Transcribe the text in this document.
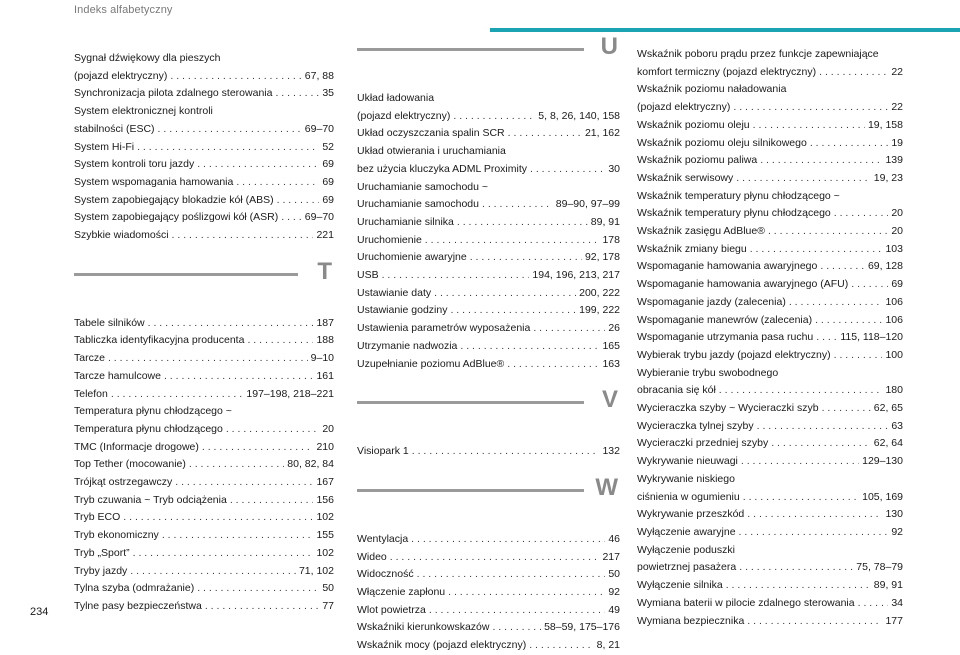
Indeks alfabetyczny
Sygnał dźwiękowy dla pieszych
(pojazd elektryczny) . . .	67, 88
Synchronizacja pilota zdalnego sterowania . . .	35
System elektronicznej kontroli
stabilności (ESC) . . .	69–70
System Hi-Fi . . .	52
System kontroli toru jazdy . . .	69
System wspomagania hamowania . . .	69
System zapobiegający blokadzie kół (ABS) . . .	69
System zapobiegający poślizgowi kół (ASR) . . .	69–70
Szybkie wiadomości . . .	221
T
Tabele silników . . .	187
Tabliczka identyfikacyjna producenta . . .	188
Tarcze . . .	9–10
Tarcze hamulcowe . . .	161
Telefon . . .	197–198, 218–221
Temperatura płynu chłodzącego ~
Temperatura płynu chłodzącego . . .	20
TMC (Informacje drogowe) . . .	210
Top Tether (mocowanie) . . .	80, 82, 84
Trójkąt ostrzegawczy . . .	167
Tryb czuwania ~ Tryb odciążenia . . .	156
Tryb ECO . . .	102
Tryb ekonomiczny . . .	155
Tryb „Sport” . . .	102
Tryby jazdy . . .	71, 102
Tylna szyba (odmrażanie) . . .	50
Tylne pasy bezpieczeństwa . . .	77
U
Układ ładowania
(pojazd elektryczny) . . .	5, 8, 26, 140, 158
Układ oczyszczania spalin SCR . . .	21, 162
Układ otwierania i uruchamiania
bez użycia kluczyka ADML Proximity . . .	30
Uruchamianie samochodu ~
Uruchamianie samochodu . . .	89–90, 97–99
Uruchamianie silnika . . .	89, 91
Uruchomienie . . .	178
Uruchomienie awaryjne . . .	92, 178
USB . . .	194, 196, 213, 217
Ustawianie daty . . .	200, 222
Ustawianie godziny . . .	199, 222
Ustawienia parametrów wyposażenia . . .	26
Utrzymanie nadwozia . . .	165
Uzupełnianie poziomu AdBlue® . . .	163
V
Visiopark 1 . . .	132
W
Wentylacja . . .	46
Wideo . . .	217
Widoczność . . .	50
Włączenie zapłonu . . .	92
Wlot powietrza . . .	49
Wskaźniki kierunkowskazów . . .	58–59, 175–176
Wskaźnik mocy (pojazd elektryczny) . . .	8, 21
Wskaźnik poboru prądu przez funkcje zapewniające
komfort termiczny (pojazd elektryczny) . . .	22
Wskaźnik poziomu naładowania
(pojazd elektryczny) . . .	22
Wskaźnik poziomu oleju . . .	19, 158
Wskaźnik poziomu oleju silnikowego . . .	19
Wskaźnik poziomu paliwa . . .	139
Wskaźnik serwisowy . . .	19, 23
Wskaźnik temperatury płynu chłodzącego ~
Wskaźnik temperatury płynu chłodzącego . . .	20
Wskaźnik zasięgu AdBlue® . . .	20
Wskaźnik zmiany biegu . . .	103
Wspomaganie hamowania awaryjnego . . .	69, 128
Wspomaganie hamowania awaryjnego (AFU) . . .	69
Wspomaganie jazdy (zalecenia) . . .	106
Wspomaganie manewrów (zalecenia) . . .	106
Wspomaganie utrzymania pasa ruchu . . .	115, 118–120
Wybierak trybu jazdy (pojazd elektryczny) . . .	100
Wybieranie trybu swobodnego
obracania się kół . . .	180
Wycieraczka szyby ~ Wycieraczki szyb . . .	62, 65
Wycieraczka tylnej szyby . . .	63
Wycieraczki przedniej szyby . . .	62, 64
Wykrywanie nieuwagi . . .	129–130
Wykrywanie niskiego
ciśnienia w ogumieniu . . .	105, 169
Wykrywanie przeszkód . . .	130
Wyłączenie awaryjne . . .	92
Wyłączenie poduszki
powietrznej pasażera . . .	75, 78–79
Wyłączenie silnika . . .	89, 91
Wymiana baterii w pilocie zdalnego sterowania . . .	34
Wymiana bezpiecznika . . .	177
234
